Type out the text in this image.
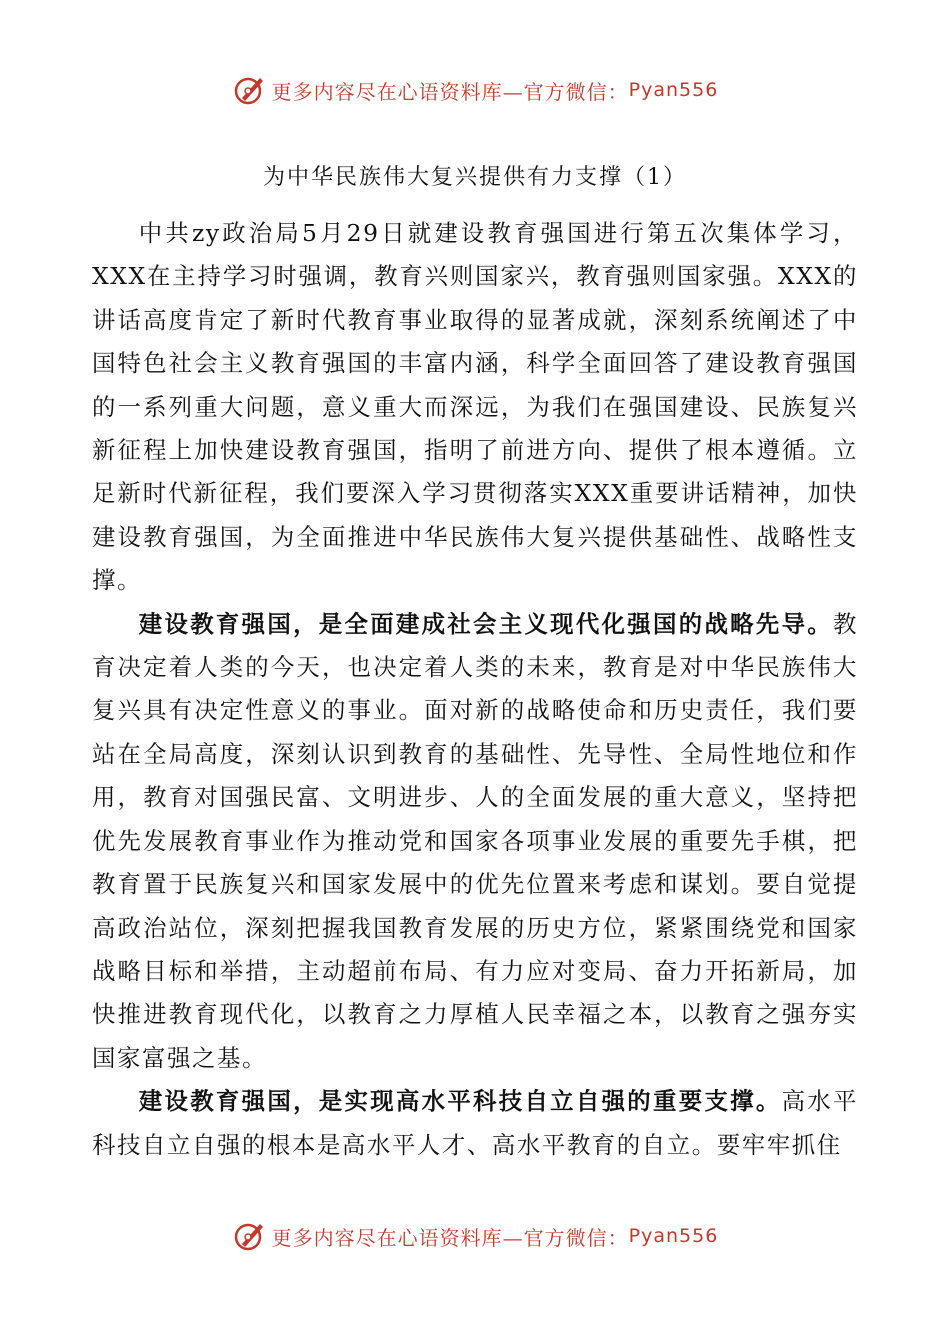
更多内容尽在心语资料库—官方微信： Pyan556
为中华民族伟大复兴提供有力支撑（1）

中共zy政治局5月29日就建设教育强国进行第五次集体学习，XXX在主持学习时强调，教育兴则国家兴，教育强则国家强。XXX的讲话高度肯定了新时代教育事业取得的显著成就，深刻系统阐述了中国特色社会主义教育强国的丰富内涵，科学全面回答了建设教育强国的一系列重大问题，意义重大而深远，为我们在强国建设、民族复兴新征程上加快建设教育强国，指明了前进方向、提供了根本遵循。立足新时代新征程，我们要深入学习贯彻落实XXX重要讲话精神，加快建设教育强国，为全面推进中华民族伟大复兴提供基础性、战略性支撑。

建设教育强国，是全面建成社会主义现代化强国的战略先导。教育决定着人类的今天，也决定着人类的未来，教育是对中华民族伟大复兴具有决定性意义的事业。面对新的战略使命和历史责任，我们要站在全局高度，深刻认识到教育的基础性、先导性、全局性地位和作用，教育对国强民富、文明进步、人的全面发展的重大意义，坚持把优先发展教育事业作为推动党和国家各项事业发展的重要先手棋，把教育置于民族复兴和国家发展中的优先位置来考虑和谋划。要自觉提高政治站位，深刻把握我国教育发展的历史方位，紧紧围绕党和国家战略目标和举措，主动超前布局、有力应对变局、奋力开拓新局，加快推进教育现代化，以教育之力厚植人民幸福之本，以教育之强夯实国家富强之基。

建设教育强国，是实现高水平科技自立自强的重要支撑。高水平科技自立自强的根本是高水平人才、高水平教育的自立。要牢牢抓住

更多内容尽在心语资料库—官方微信： Pyan556
